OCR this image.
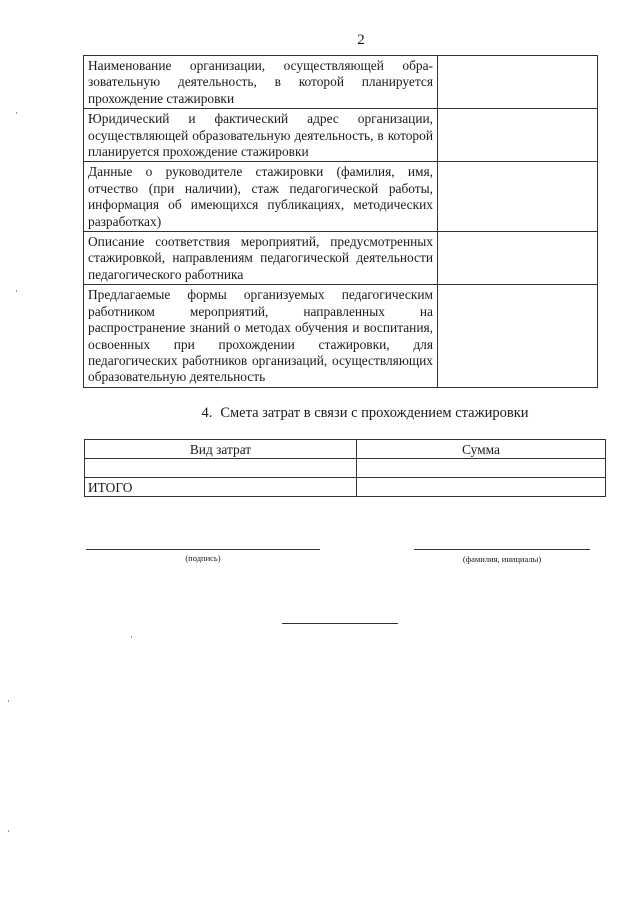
2
Наименование организации, осуществляющей образовательную деятельность, в которой планируется прохождение стажировки	
Юридический и фактический адрес организации, осуществляющей образовательную деятельность, в которой планируется прохождение стажировки	
Данные о руководителе стажировки (фамилия, имя, отчество (при наличии), стаж педагогической работы, информация об имеющихся публикациях, методических разработках)	
Описание соответствия мероприятий, предусмотренных стажировкой, направлениям педагогической деятельности педагогического работника	
Предлагаемые формы организуемых педагогическим работником мероприятий, направленных на распространение знаний о методах обучения и воспитания, освоенных при прохождении стажировки, для педагогических работников организаций, осуществляющих образовательную деятельность	
4. Смета затрат в связи с прохождением стажировки
Вид затрат	Сумма

ИТОГО	
(подпись)	(фамилия, инициалы)
